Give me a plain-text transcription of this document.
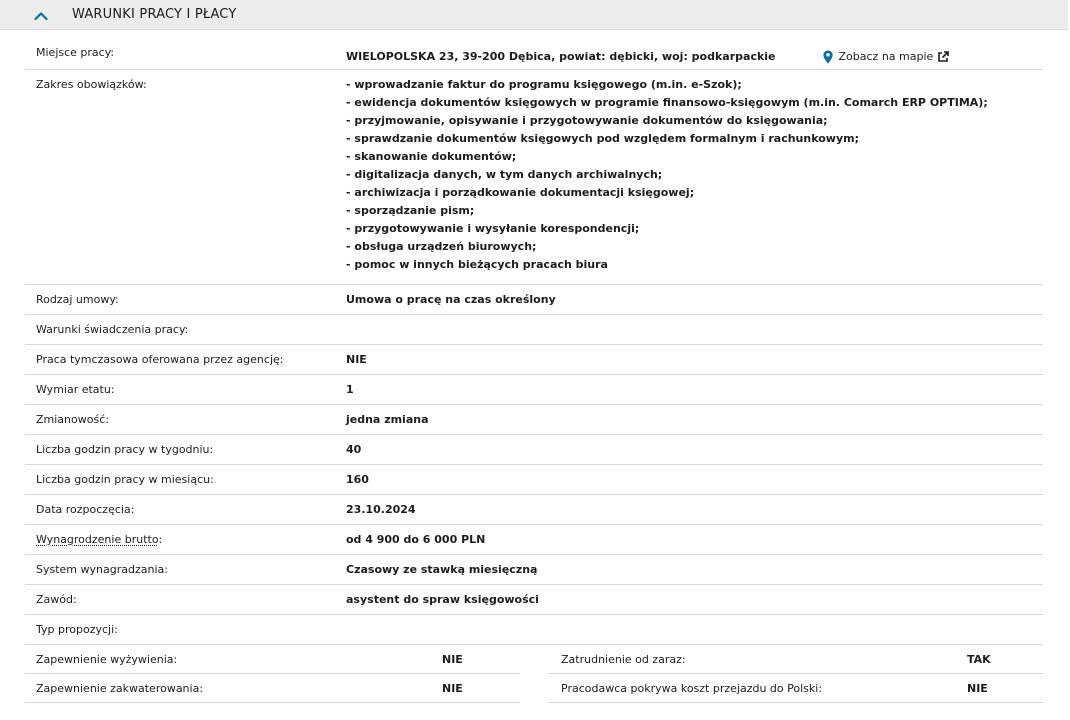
WARUNKI PRACY I PŁACY
Miejsce pracy:	WIELOPOLSKA 23, 39-200 Dębica, powiat: dębicki, woj: podkarpackie	Zobacz na mapie
Zakres obowiązków:	- wprowadzanie faktur do programu księgowego (m.in. e-Szok);
- ewidencja dokumentów księgowych w programie finansowo-księgowym (m.in. Comarch ERP OPTIMA);
- przyjmowanie, opisywanie i przygotowywanie dokumentów do księgowania;
- sprawdzanie dokumentów księgowych pod względem formalnym i rachunkowym;
- skanowanie dokumentów;
- digitalizacja danych, w tym danych archiwalnych;
- archiwizacja i porządkowanie dokumentacji księgowej;
- sporządzanie pism;
- przygotowywanie i wysyłanie korespondencji;
- obsługa urządzeń biurowych;
- pomoc w innych bieżących pracach biura
Rodzaj umowy:	Umowa o pracę na czas określony
Warunki świadczenia pracy:
Praca tymczasowa oferowana przez agencję:	NIE
Wymiar etatu:	1
Zmianowość:	jedna zmiana
Liczba godzin pracy w tygodniu:	40
Liczba godzin pracy w miesiącu:	160
Data rozpoczęcia:	23.10.2024
Wynagrodzenie brutto:	od 4 900 do 6 000 PLN
System wynagradzania:	Czasowy ze stawką miesięczną
Zawód:	asystent do spraw księgowości
Typ propozycji:
Zapewnienie wyżywienia:	NIE	Zatrudnienie od zaraz:	TAK
Zapewnienie zakwaterowania:	NIE	Pracodawca pokrywa koszt przejazdu do Polski:	NIE
